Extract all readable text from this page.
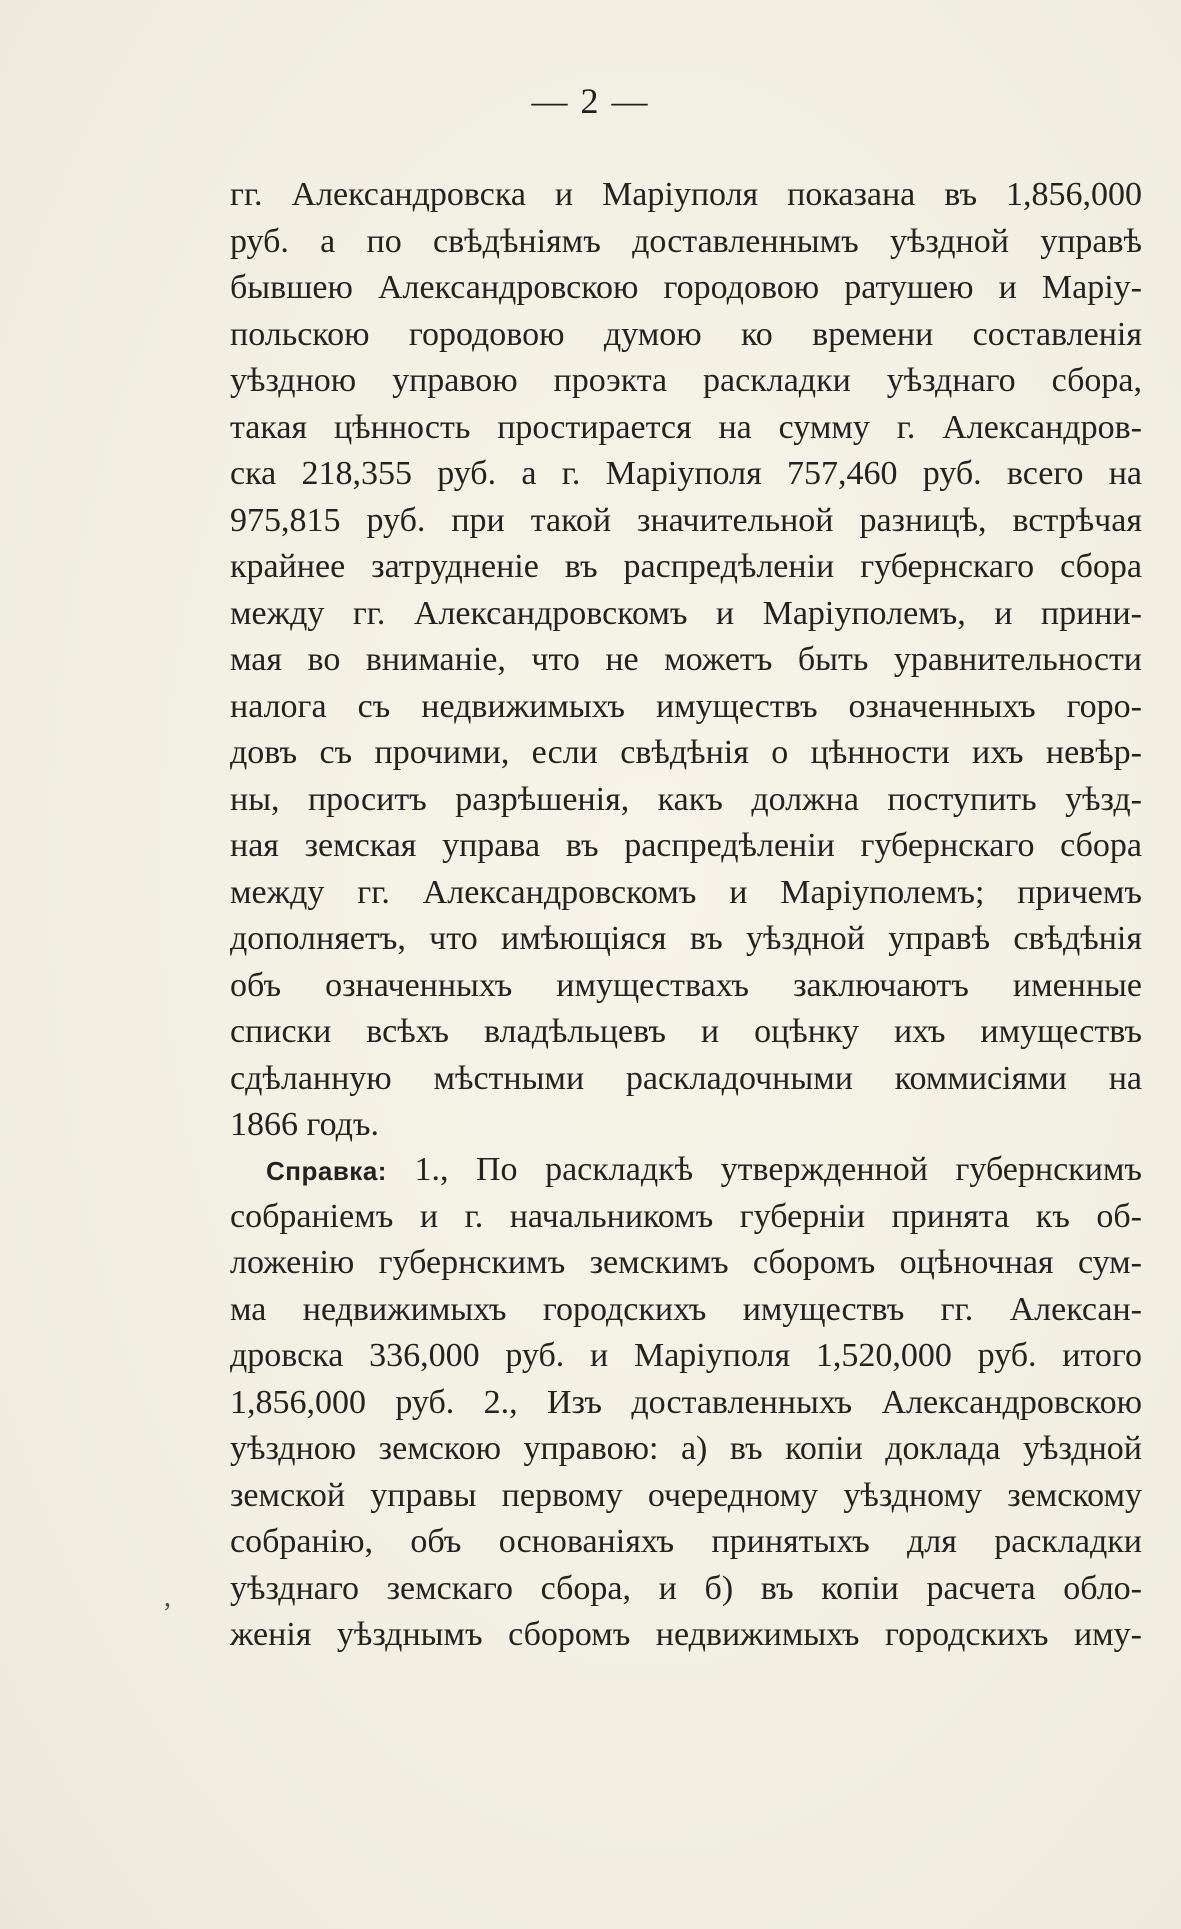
— 2 —
гг. Александровска и Маріуполя показана въ 1,856,000
руб. а по свѣдѣніямъ доставленнымъ уѣздной управѣ
бывшею Александровскою городовою ратушею и Маріу-
польскою городовою думою ко времени составленія
уѣздною управою проэкта раскладки уѣзднаго сбора,
такая цѣнность простирается на сумму г. Александров-
ска 218,355 руб. а г. Маріуполя 757,460 руб. всего на
975,815 руб. при такой значительной разницѣ, встрѣчая
крайнее затрудненіе въ распредѣленіи губернскаго сбора
между гг. Александровскомъ и Маріуполемъ, и прини-
мая во вниманіе, что не можетъ быть уравнительности
налога съ недвижимыхъ имуществъ означенныхъ горо-
довъ съ прочими, если свѣдѣнія о цѣнности ихъ невѣр-
ны, проситъ разрѣшенія, какъ должна поступить уѣзд-
ная земская управа въ распредѣленіи губернскаго сбора
между гг. Александровскомъ и Маріуполемъ; причемъ
дополняетъ, что имѣющіяся въ уѣздной управѣ свѣдѣнія
объ означенныхъ имуществахъ заключаютъ именные
списки всѣхъ владѣльцевъ и оцѣнку ихъ имуществъ
сдѣланную мѣстными раскладочными коммисіями на
1866 годъ.
Справка: 1., По раскладкѣ утвержденной губернскимъ
собраніемъ и г. начальникомъ губерніи принята къ об-
ложенію губернскимъ земскимъ сборомъ оцѣночная сум-
ма недвижимыхъ городскихъ имуществъ гг. Алексан-
дровска 336,000 руб. и Маріуполя 1,520,000 руб. итого
1,856,000 руб. 2., Изъ доставленныхъ Александровскою
уѣздною земскою управою: а) въ копіи доклада уѣздной
земской управы первому очередному уѣздному земскому
собранію, объ основаніяхъ принятыхъ для раскладки
уѣзднаго земскаго сбора, и б) въ копіи расчета обло-
женія уѣзднымъ сборомъ недвижимыхъ городскихъ иму-
,
